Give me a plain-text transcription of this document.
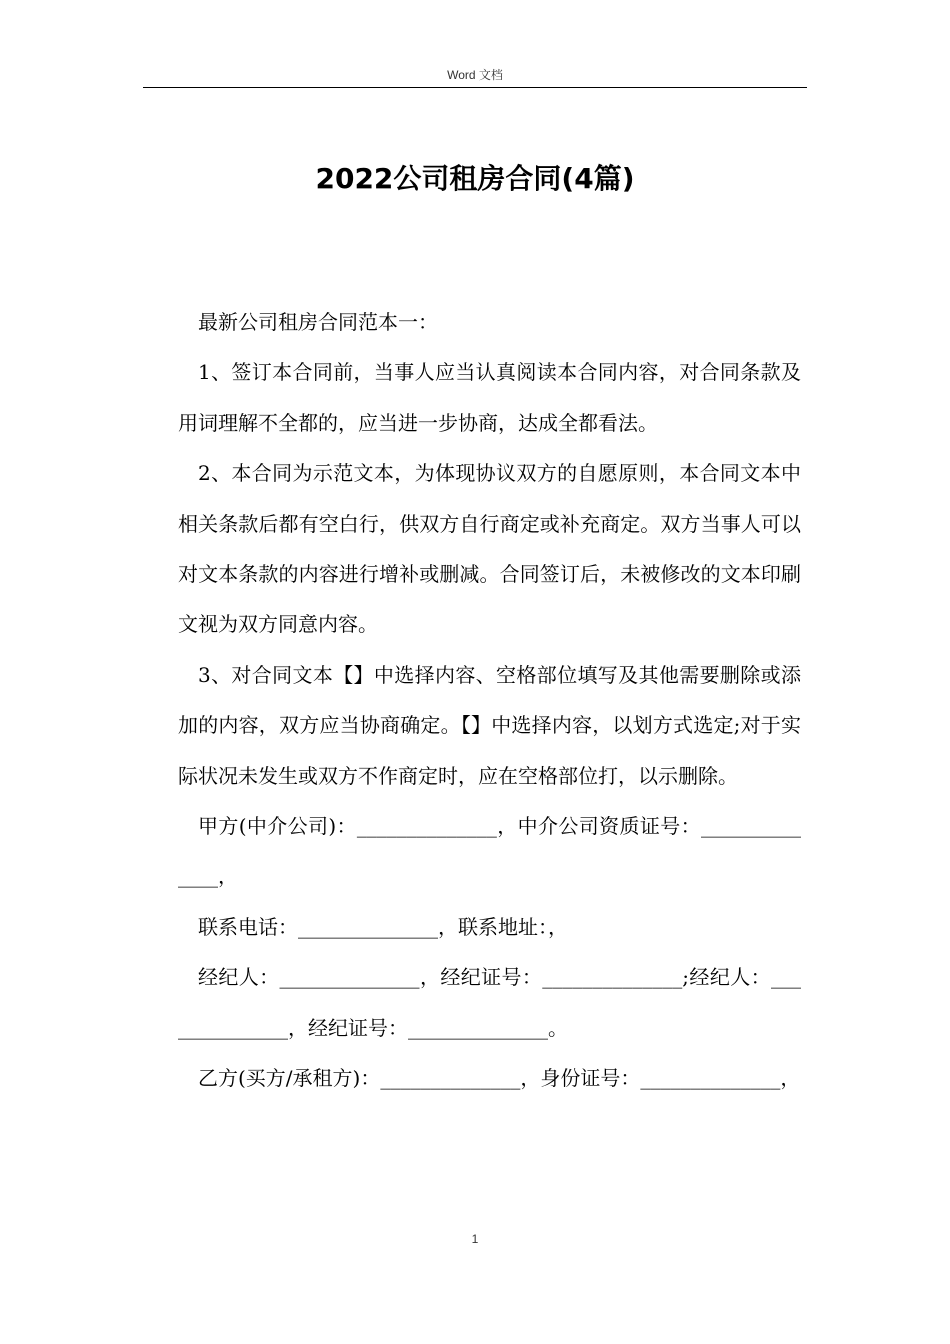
Word 文档
2022公司租房合同(4篇)

最新公司租房合同范本一：

1、签订本合同前，当事人应当认真阅读本合同内容，对合同条款及用词理解不全都的，应当进一步协商，达成全都看法。

2、本合同为示范文本，为体现协议双方的自愿原则，本合同文本中相关条款后都有空白行，供双方自行商定或补充商定。双方当事人可以对文本条款的内容进行增补或删减。合同签订后，未被修改的文本印刷文视为双方同意内容。

3、对合同文本【】中选择内容、空格部位填写及其他需要删除或添加的内容，双方应当协商确定。【】中选择内容，以划方式选定;对于实际状况未发生或双方不作商定时，应在空格部位打，以示删除。

甲方(中介公司)：______________，中介公司资质证号：______________，

联系电话：______________，联系地址：，

经纪人：______________，经纪证号：______________;经纪人：______________，经纪证号：______________。

乙方(买方/承租方)：______________，身份证号：______________，

1
